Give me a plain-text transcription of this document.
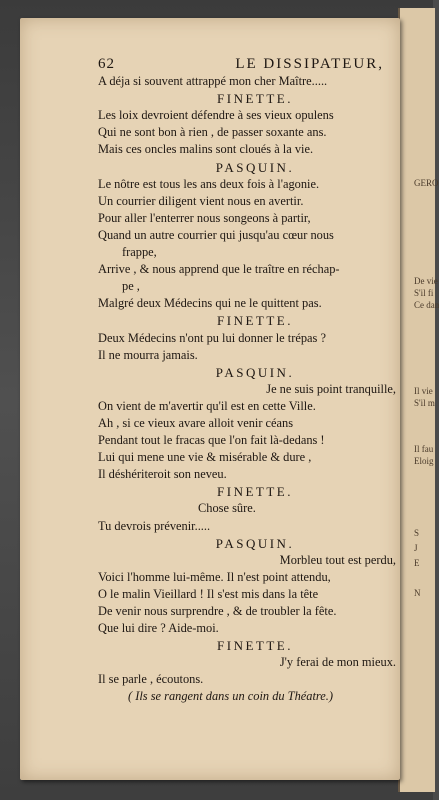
GERO
De vie
S'il fi
Ce dan
Il vie
S'il m
Il fau
Eloig
S
J
E
N
62	LE DISSIPATEUR,
A déja si souvent attrappé mon cher Maître.....
FINETTE.
Les loix devroient défendre à ses vieux opulens
Qui ne sont bon à rien , de passer soxante ans.
Mais ces oncles malins sont cloués à la vie.
PASQUIN.
Le nôtre est tous les ans deux fois à l'agonie.
Un courrier diligent vient nous en avertir.
Pour aller l'enterrer nous songeons à partir,
Quand un autre courrier qui jusqu'au cœur nous
frappe,
Arrive , & nous apprend que le traître en réchap-
pe ,
Malgré deux Médecins qui ne le quittent pas.
FINETTE.
Deux Médecins n'ont pu lui donner le trépas ?
Il ne mourra jamais.
PASQUIN.
Je ne suis point tranquille,
On vient de m'avertir qu'il est en cette Ville.
Ah , si ce vieux avare alloit venir céans
Pendant tout le fracas que l'on fait là-dedans !
Lui qui mene une vie & misérable & dure ,
Il déshériteroit son neveu.
FINETTE.
Chose sûre.
Tu devrois prévenir.....
PASQUIN.
Morbleu tout est perdu,
Voici l'homme lui-même. Il n'est point attendu,
O le malin Vieillard ! Il s'est mis dans la tête
De venir nous surprendre , & de troubler la fête.
Que lui dire ? Aide-moi.
FINETTE.
J'y ferai de mon mieux.
Il se parle , écoutons.
( Ils se rangent dans un coin du Théatre.)
